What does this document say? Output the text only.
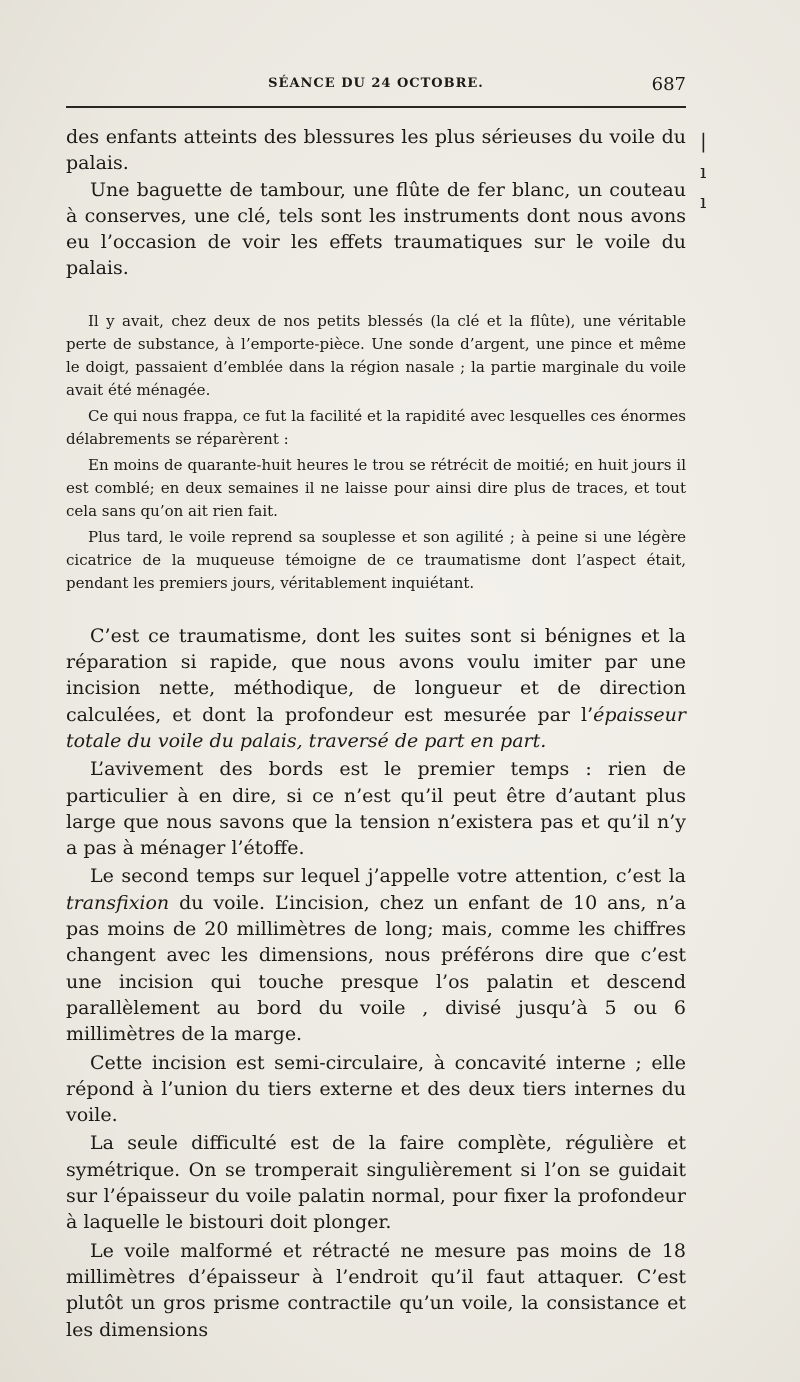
SÉANCE DU 24 OCTOBRE.	687
|
ı
ı

des enfants atteints des blessures les plus sérieuses du voile du palais.

Une baguette de tambour, une flûte de fer blanc, un couteau à conserves, une clé, tels sont les instruments dont nous avons eu l’occasion de voir les effets traumatiques sur le voile du palais.

Il y avait, chez deux de nos petits blessés (la clé et la flûte), une véritable perte de substance, à l’emporte-pièce. Une sonde d’argent, une pince et même le doigt, passaient d’emblée dans la région nasale ; la partie marginale du voile avait été ménagée.

Ce qui nous frappa, ce fut la facilité et la rapidité avec lesquelles ces énormes délabrements se réparèrent :

En moins de quarante-huit heures le trou se rétrécit de moitié; en huit jours il est comblé; en deux semaines il ne laisse pour ainsi dire plus de traces, et tout cela sans qu’on ait rien fait.

Plus tard, le voile reprend sa souplesse et son agilité ; à peine si une légère cicatrice de la muqueuse témoigne de ce traumatisme dont l’aspect était, pendant les premiers jours, véritablement inquiétant.

C’est ce traumatisme, dont les suites sont si bénignes et la réparation si rapide, que nous avons voulu imiter par une incision nette, méthodique, de longueur et de direction calculées, et dont la profondeur est mesurée par l’épaisseur totale du voile du palais, traversé de part en part.

L’avivement des bords est le premier temps : rien de particulier à en dire, si ce n’est qu’il peut être d’autant plus large que nous savons que la tension n’existera pas et qu’il n’y a pas à ménager l’étoffe.

Le second temps sur lequel j’appelle votre attention, c’est la transfixion du voile. L’incision, chez un enfant de 10 ans, n’a pas moins de 20 millimètres de long; mais, comme les chiffres changent avec les dimensions, nous préférons dire que c’est une incision qui touche presque l’os palatin et descend parallèlement au bord du voile , divisé jusqu’à 5 ou 6 millimètres de la marge.

Cette incision est semi-circulaire, à concavité interne ; elle répond à l’union du tiers externe et des deux tiers internes du voile.

La seule difficulté est de la faire complète, régulière et symétrique. On se tromperait singulièrement si l’on se guidait sur l’épaisseur du voile palatin normal, pour fixer la profondeur à laquelle le bistouri doit plonger.

Le voile malformé et rétracté ne mesure pas moins de 18 millimètres d’épaisseur à l’endroit qu’il faut attaquer. C’est plutôt un gros prisme contractile qu’un voile, la consistance et les dimensions
